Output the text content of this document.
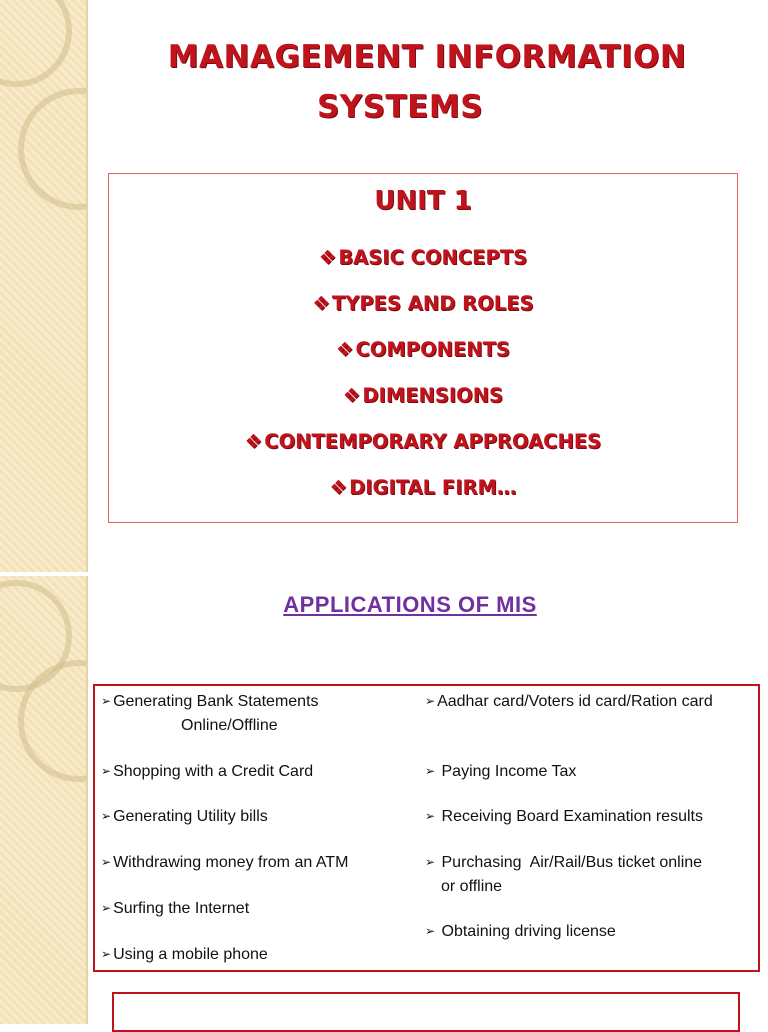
MANAGEMENT INFORMATION
SYSTEMS
UNIT 1
❖ BASIC CONCEPTS
❖ TYPES AND ROLES
❖ COMPONENTS
❖ DIMENSIONS
❖ CONTEMPORARY APPROACHES
❖ DIGITAL FIRM…
APPLICATIONS OF MIS
➢ Generating Bank Statements
Online/Offline
➢ Shopping with a Credit Card
➢ Generating Utility bills
➢ Withdrawing money from an ATM
➢ Surfing the Internet
➢ Using a mobile phone
➢ Aadhar card/Voters id card/Ration card
➢ Paying Income Tax
➢ Receiving Board Examination results
➢ Purchasing  Air/Rail/Bus ticket online
or offline
➢ Obtaining driving license
